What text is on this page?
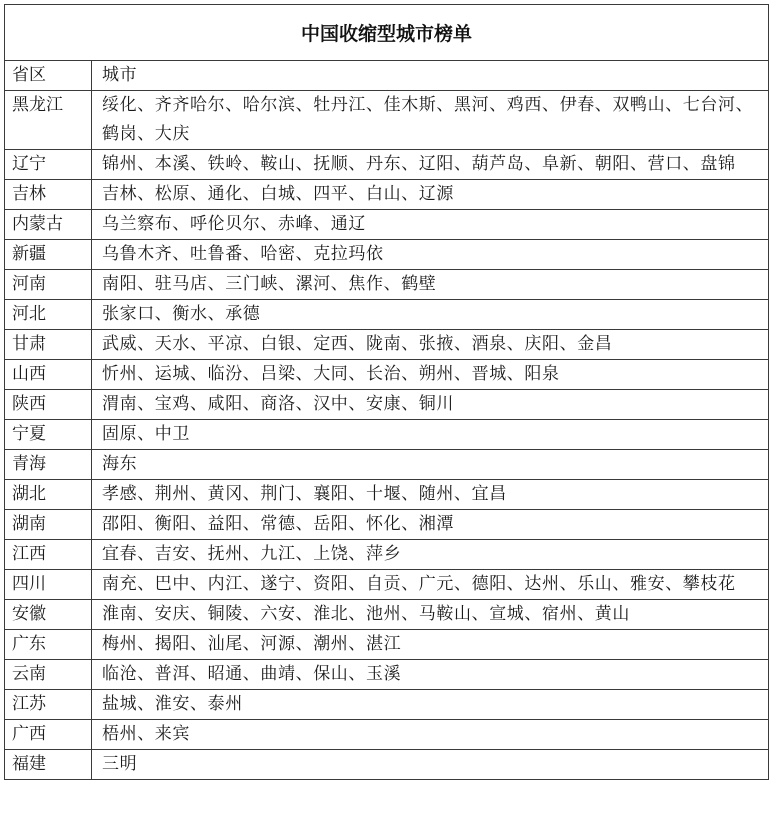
中国收缩型城市榜单	
省区	城市
黑龙江	绥化、齐齐哈尔、哈尔滨、牡丹江、佳木斯、黑河、鸡西、伊春、双鸭山、七台河、鹤岗、大庆
辽宁	锦州、本溪、铁岭、鞍山、抚顺、丹东、辽阳、葫芦岛、阜新、朝阳、营口、盘锦
吉林	吉林、松原、通化、白城、四平、白山、辽源
内蒙古	乌兰察布、呼伦贝尔、赤峰、通辽
新疆	乌鲁木齐、吐鲁番、哈密、克拉玛依
河南	南阳、驻马店、三门峡、漯河、焦作、鹤壁
河北	张家口、衡水、承德
甘肃	武威、天水、平凉、白银、定西、陇南、张掖、酒泉、庆阳、金昌
山西	忻州、运城、临汾、吕梁、大同、长治、朔州、晋城、阳泉
陕西	渭南、宝鸡、咸阳、商洛、汉中、安康、铜川
宁夏	固原、中卫
青海	海东
湖北	孝感、荆州、黄冈、荆门、襄阳、十堰、随州、宜昌
湖南	邵阳、衡阳、益阳、常德、岳阳、怀化、湘潭
江西	宜春、吉安、抚州、九江、上饶、萍乡
四川	南充、巴中、内江、遂宁、资阳、自贡、广元、德阳、达州、乐山、雅安、攀枝花
安徽	淮南、安庆、铜陵、六安、淮北、池州、马鞍山、宣城、宿州、黄山
广东	梅州、揭阳、汕尾、河源、潮州、湛江
云南	临沧、普洱、昭通、曲靖、保山、玉溪
江苏	盐城、淮安、泰州
广西	梧州、来宾
福建	三明
